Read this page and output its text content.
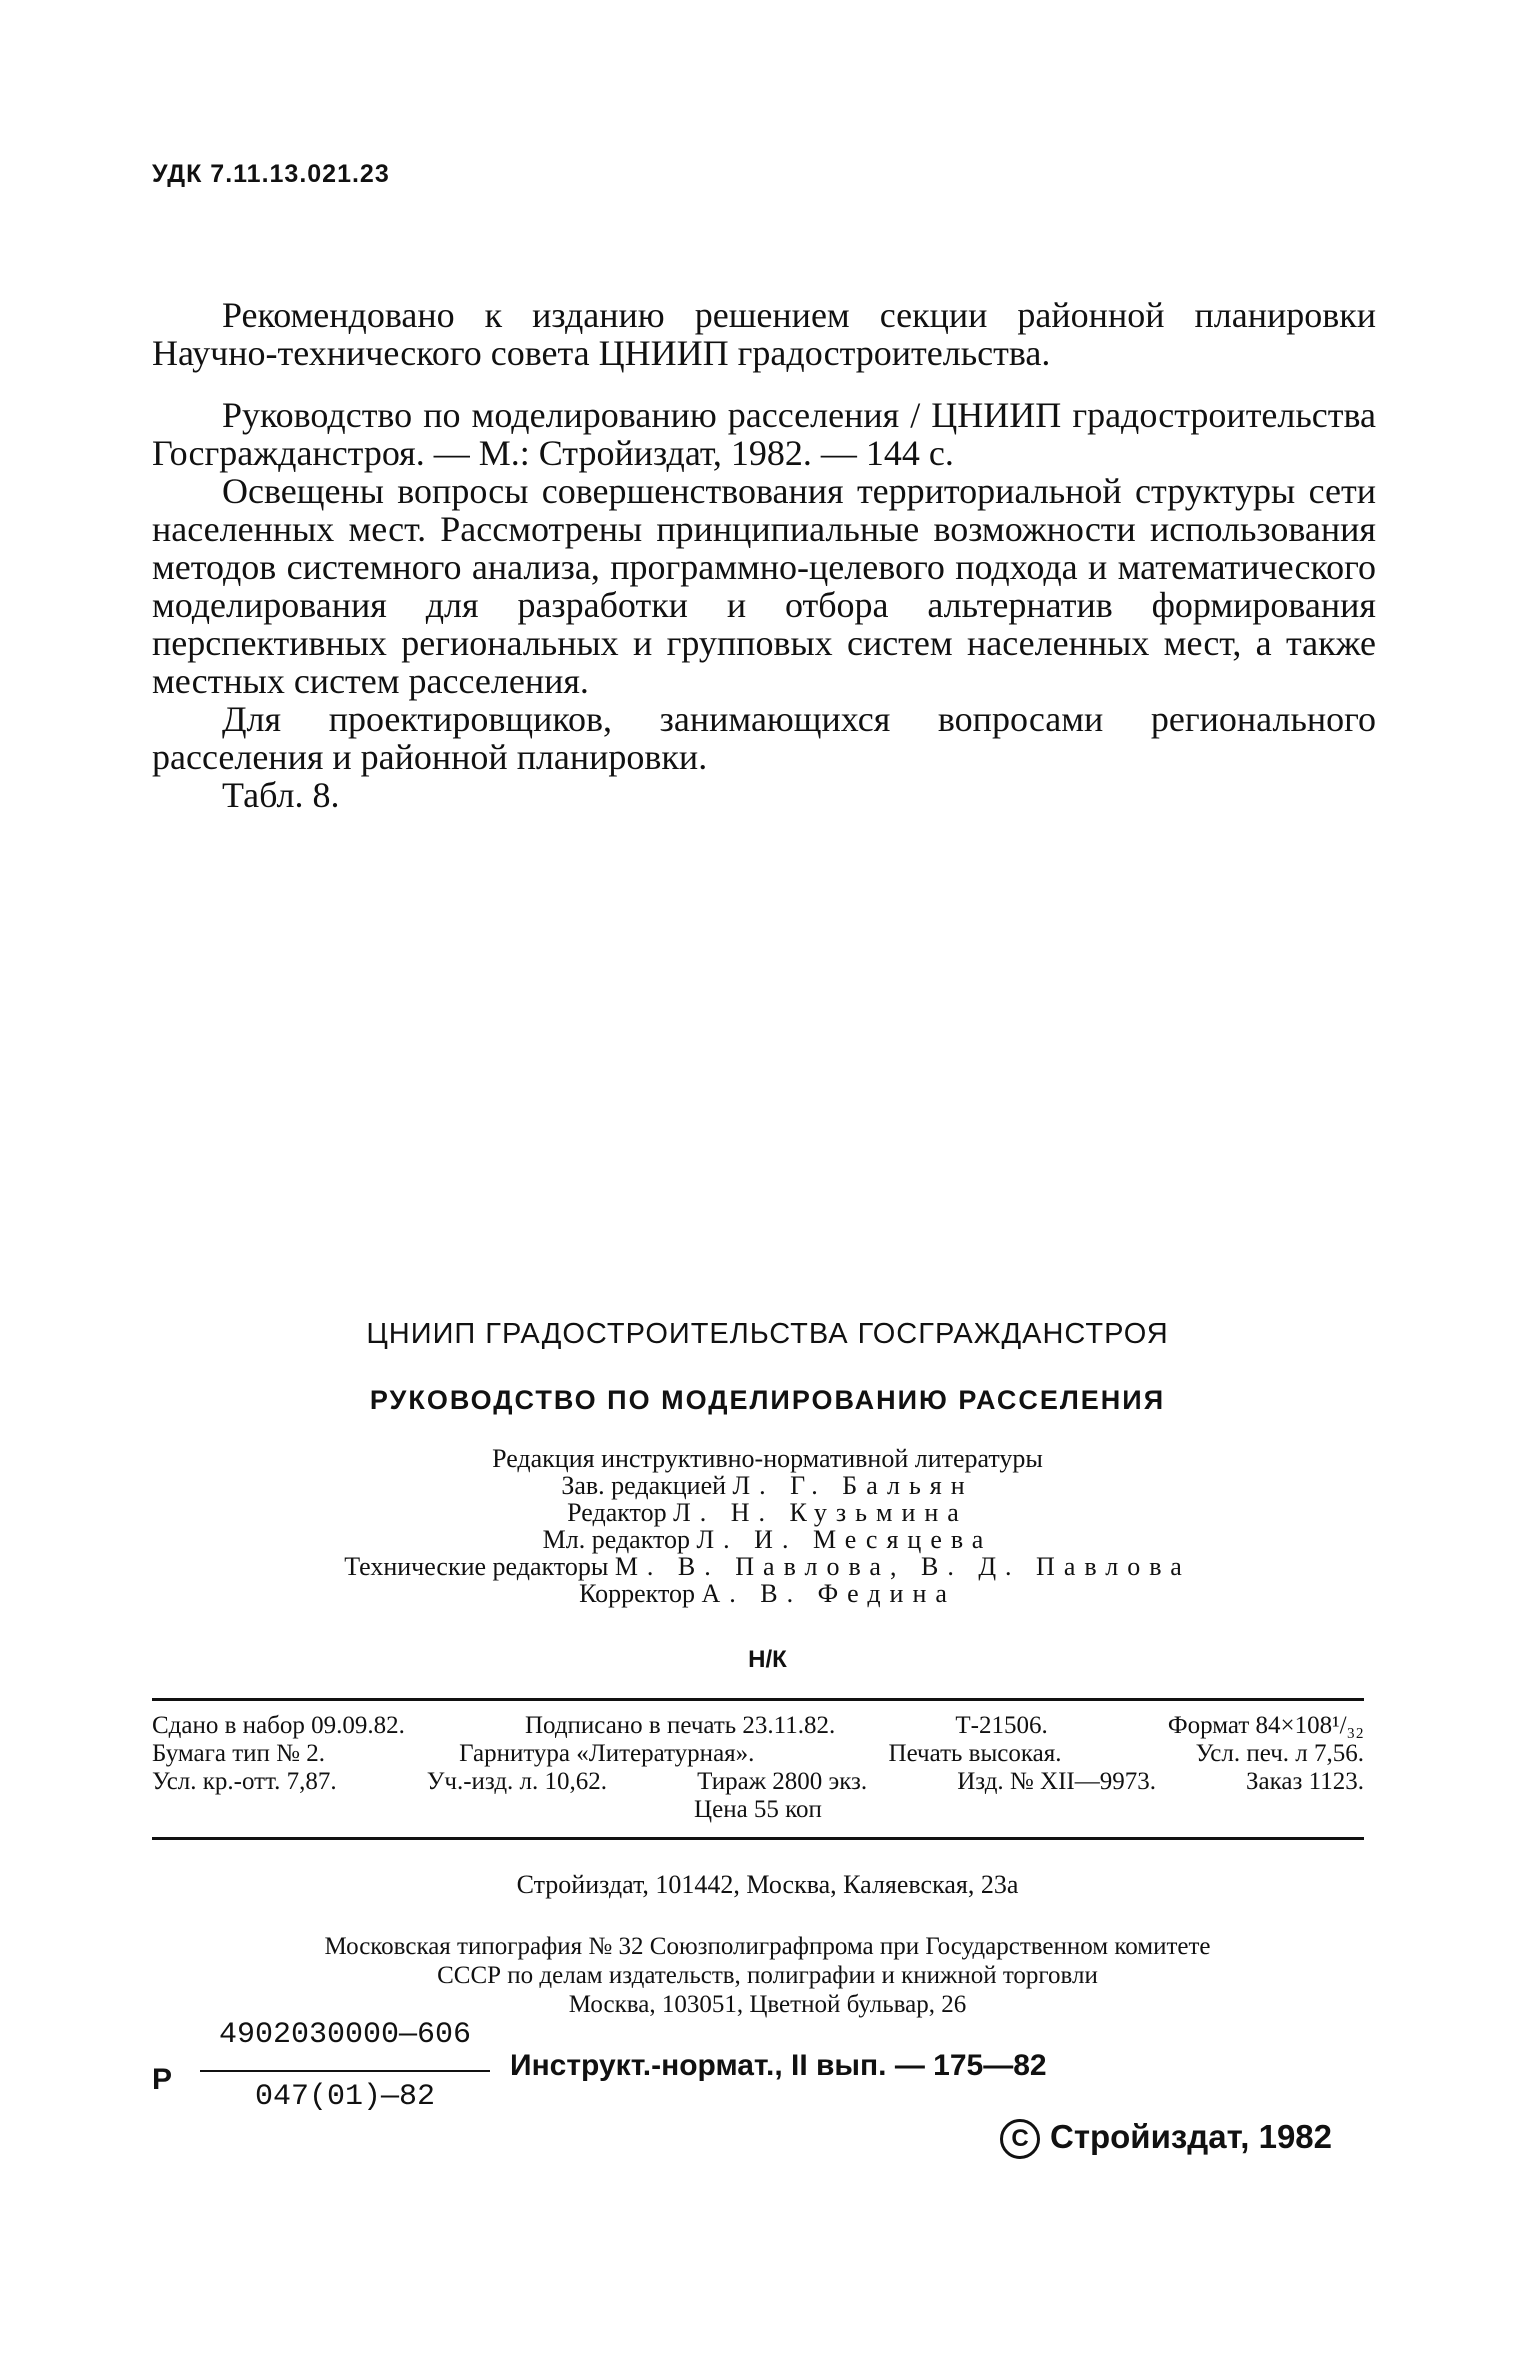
УДК 7.11.13.021.23

Рекомендовано к изданию решением секции районной планировки Научно-технического совета ЦНИИП градостроительства.

Руководство по моделированию расселения / ЦНИИП градостроительства Госгражданстроя. — М.: Стройиздат, 1982. — 144 с.

Освещены вопросы совершенствования территориальной структуры сети населенных мест. Рассмотрены принципиальные возможности использования методов системного анализа, программно-целевого подхода и математического моделирования для разработки и отбора альтернатив формирования перспективных региональных и групповых систем населенных мест, а также местных систем расселения.

Для проектировщиков, занимающихся вопросами регионального расселения и районной планировки.

Табл. 8.

ЦНИИП ГРАДОСТРОИТЕЛЬСТВА ГОСГРАЖДАНСТРОЯ
РУКОВОДСТВО ПО МОДЕЛИРОВАНИЮ РАССЕЛЕНИЯ
Редакция инструктивно-нормативной литературы
Зав. редакцией Л. Г. Бальян
Редактор Л. Н. Кузьмина
Мл. редактор Л. И. Месяцева
Технические редакторы М. В. Павлова, В. Д. Павлова
Корректор А. В. Федина
Н/К
Сдано в набор 09.09.82.	Подписано в печать 23.11.82.	Т-21506.	Формат 84×108¹/₃₂
Бумага тип № 2.	Гарнитура «Литературная».	Печать высокая.	Усл. печ. л 7,56.
Усл. кр.-отт. 7,87.	Уч.-изд. л. 10,62.	Тираж 2800 экз.	Изд. № XII—9973.	Заказ 1123.
Цена 55 коп
Стройиздат, 101442, Москва, Каляевская, 23а
Московская типография № 32 Союзполиграфпрома при Государственном комитете
СССР по делам издательств, полиграфии и книжной торговли
Москва, 103051, Цветной бульвар, 26
Р
4902030000—606
047(01)—82
Инструкт.-нормат., II вып. — 175—82
С Стройиздат, 1982
